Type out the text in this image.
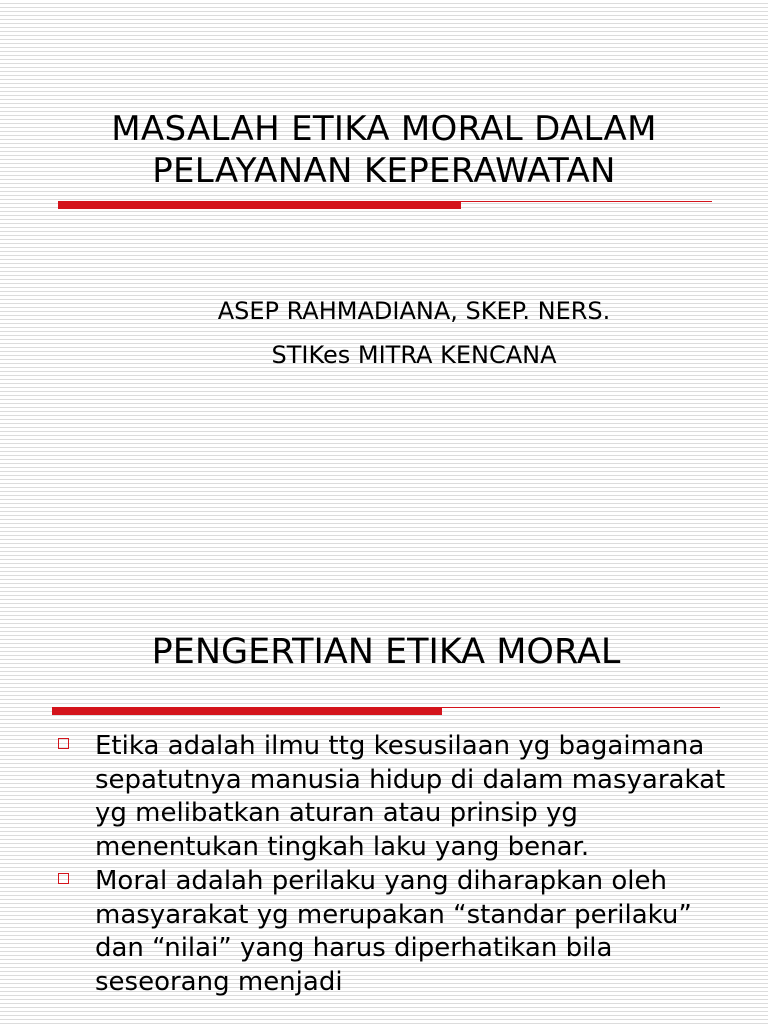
MASALAH ETIKA MORAL DALAM
PELAYANAN KEPERAWATAN
ASEP RAHMADIANA, SKEP. NERS.
STIKes MITRA KENCANA
PENGERTIAN ETIKA MORAL
Etika adalah ilmu ttg kesusilaan yg bagaimana sepatutnya manusia hidup di dalam masyarakat yg melibatkan aturan atau prinsip yg menentukan tingkah laku yang benar.
Moral adalah perilaku yang diharapkan oleh masyarakat yg merupakan “standar perilaku” dan “nilai” yang harus diperhatikan bila seseorang menjadi
